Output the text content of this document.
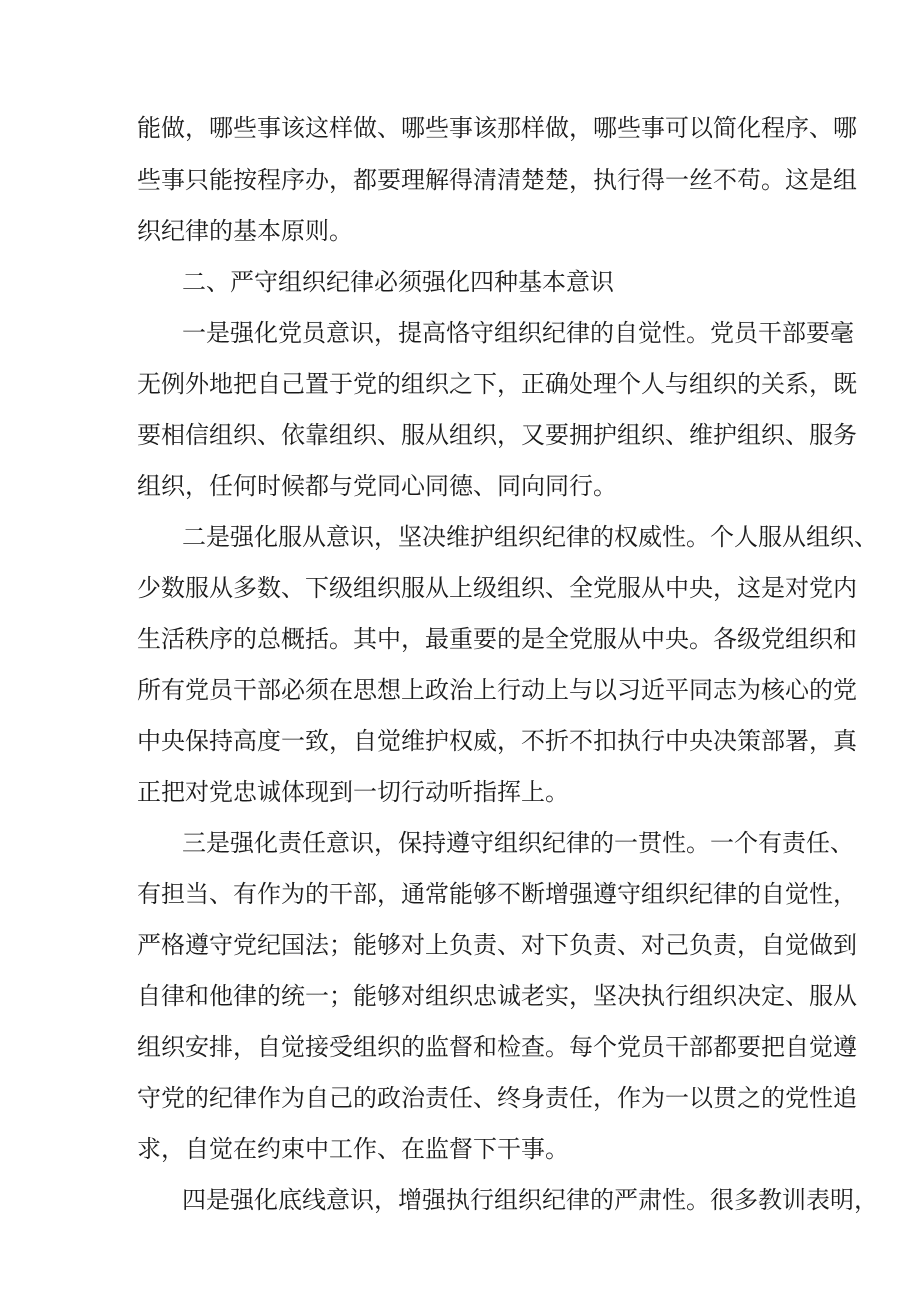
能做，哪些事该这样做、哪些事该那样做，哪些事可以简化程序、哪
些事只能按程序办，都要理解得清清楚楚，执行得一丝不苟。这是组
织纪律的基本原则。
二、严守组织纪律必须强化四种基本意识
一是强化党员意识，提高恪守组织纪律的自觉性。党员干部要毫
无例外地把自己置于党的组织之下，正确处理个人与组织的关系，既
要相信组织、依靠组织、服从组织，又要拥护组织、维护组织、服务
组织，任何时候都与党同心同德、同向同行。
二是强化服从意识，坚决维护组织纪律的权威性。个人服从组织、
少数服从多数、下级组织服从上级组织、全党服从中央，这是对党内
生活秩序的总概括。其中，最重要的是全党服从中央。各级党组织和
所有党员干部必须在思想上政治上行动上与以习近平同志为核心的党
中央保持高度一致，自觉维护权威，不折不扣执行中央决策部署，真
正把对党忠诚体现到一切行动听指挥上。
三是强化责任意识，保持遵守组织纪律的一贯性。一个有责任、
有担当、有作为的干部，通常能够不断增强遵守组织纪律的自觉性，
严格遵守党纪国法；能够对上负责、对下负责、对己负责，自觉做到
自律和他律的统一；能够对组织忠诚老实，坚决执行组织决定、服从
组织安排，自觉接受组织的监督和检查。每个党员干部都要把自觉遵
守党的纪律作为自己的政治责任、终身责任，作为一以贯之的党性追
求，自觉在约束中工作、在监督下干事。
四是强化底线意识，增强执行组织纪律的严肃性。很多教训表明，
